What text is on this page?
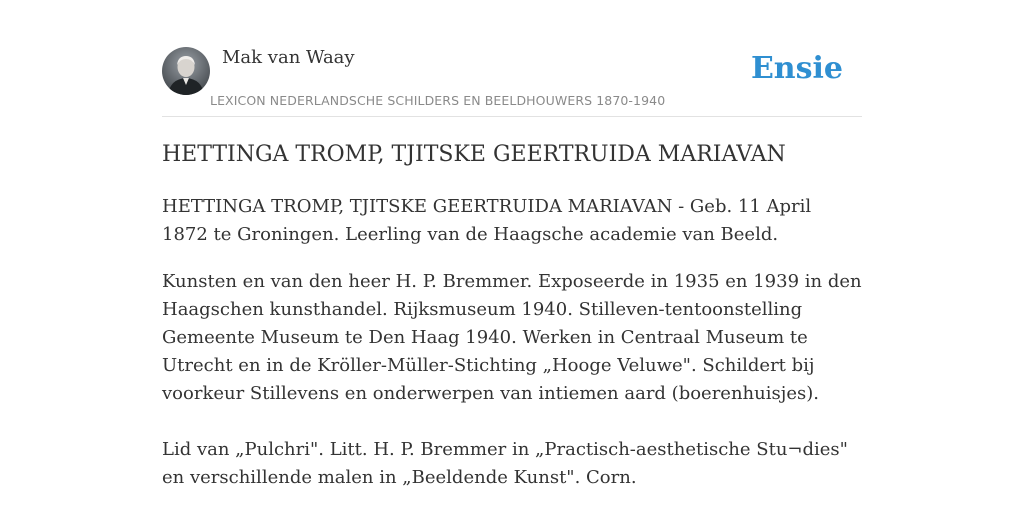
Mak van Waay	Ensie
LEXICON NEDERLANDSCHE SCHILDERS EN BEELDHOUWERS 1870-1940
HETTINGA TROMP, TJITSKE GEERTRUIDA MARIAVAN

HETTINGA TROMP, TJITSKE GEERTRUIDA MARIAVAN - Geb. 11 April 1872 te Groningen. Leerling van de Haagsche academie van Beeld.

Kunsten en van den heer H. P. Bremmer. Exposeerde in 1935 en 1939 in den Haagschen kunsthandel. Rijksmuseum 1940. Stilleven-tentoonstelling Gemeente Museum te Den Haag 1940. Werken in Centraal Museum te Utrecht en in de Kröller-Müller-Stichting „Hooge Veluwe". Schildert bij voorkeur Stillevens en onderwerpen van intiemen aard (boerenhuisjes).

Lid van „Pulchri". Litt. H. P. Bremmer in „Practisch-aesthetische Stu¬dies" en verschillende malen in „Beeldende Kunst". Corn.
